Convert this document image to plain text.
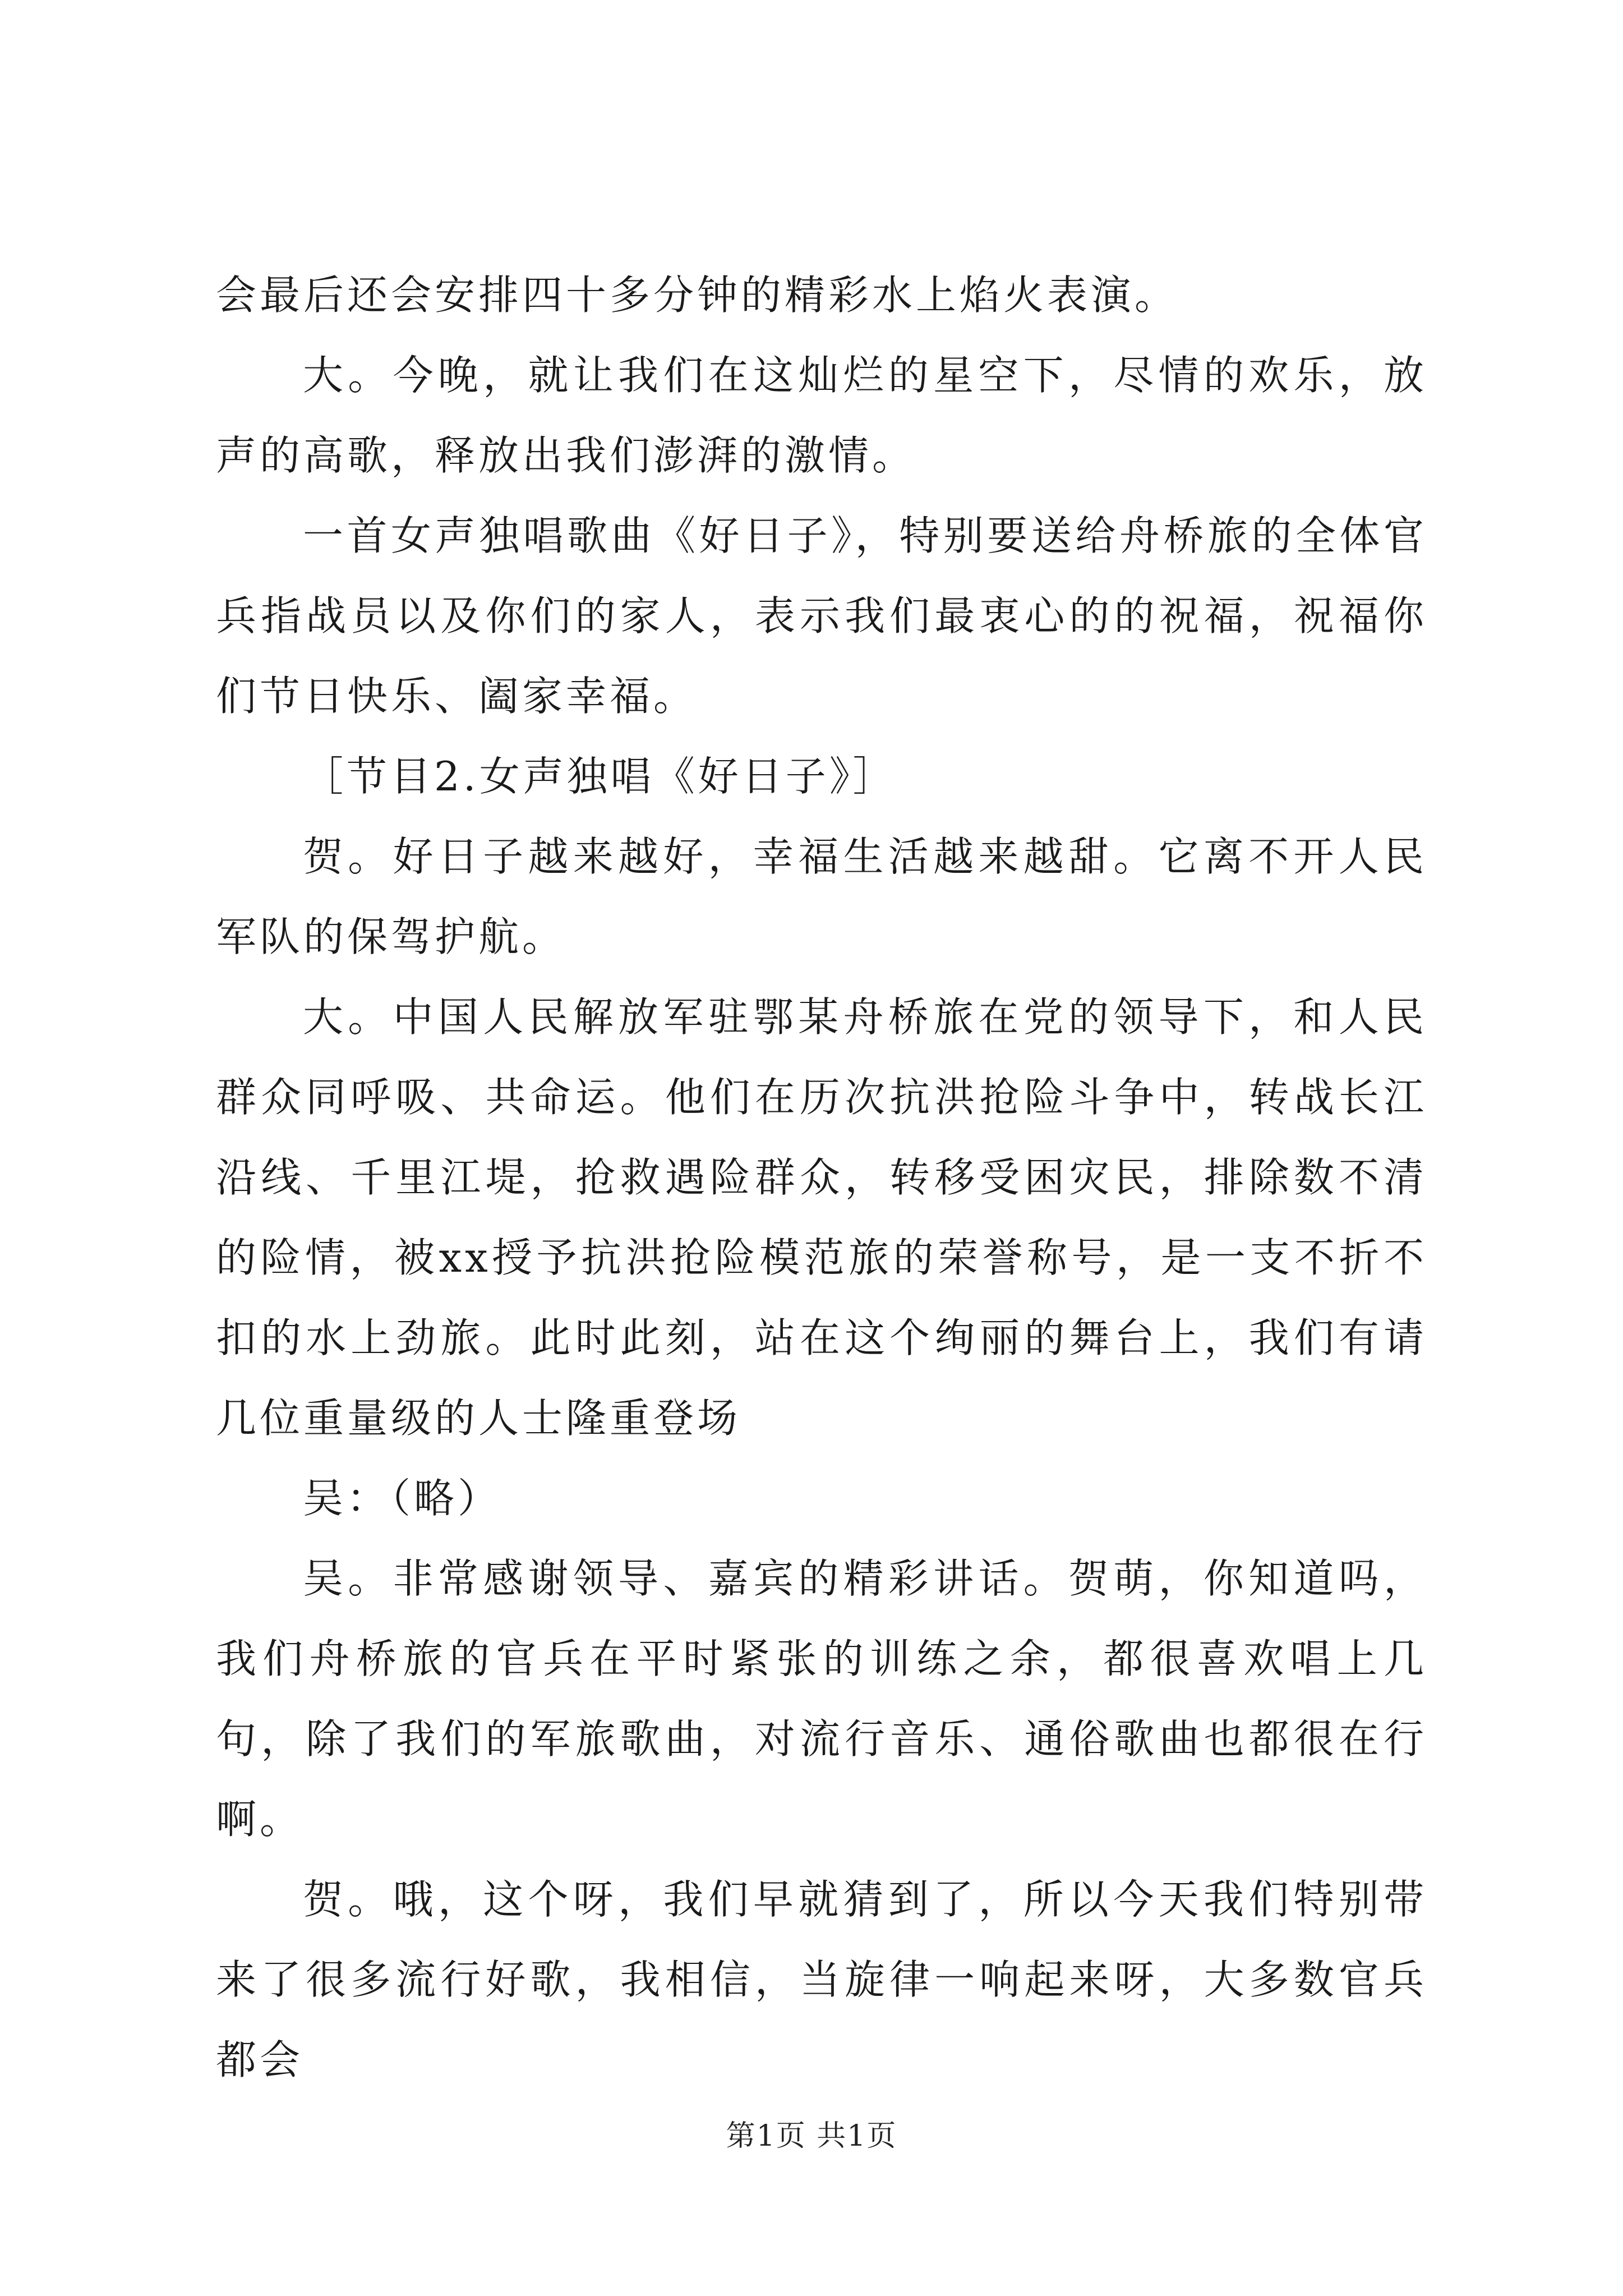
会最后还会安排四十多分钟的精彩水上焰火表演。

大。今晚，就让我们在这灿烂的星空下，尽情的欢乐，放声的高歌，释放出我们澎湃的激情。

一首女声独唱歌曲《好日子》，特别要送给舟桥旅的全体官兵指战员以及你们的家人，表示我们最衷心的的祝福，祝福你们节日快乐、阖家幸福。

［节目2.女声独唱《好日子》］

贺。好日子越来越好，幸福生活越来越甜。它离不开人民军队的保驾护航。

大。中国人民解放军驻鄂某舟桥旅在党的领导下，和人民群众同呼吸、共命运。他们在历次抗洪抢险斗争中，转战长江沿线、千里江堤，抢救遇险群众，转移受困灾民，排除数不清的险情，被xx授予抗洪抢险模范旅的荣誉称号，是一支不折不扣的水上劲旅。此时此刻，站在这个绚丽的舞台上，我们有请几位重量级的人士隆重登场

吴：（略）

吴。非常感谢领导、嘉宾的精彩讲话。贺萌，你知道吗，我们舟桥旅的官兵在平时紧张的训练之余，都很喜欢唱上几句，除了我们的军旅歌曲，对流行音乐、通俗歌曲也都很在行啊。

贺。哦，这个呀，我们早就猜到了，所以今天我们特别带来了很多流行好歌，我相信，当旋律一响起来呀，大多数官兵都会

第1页 共1页
